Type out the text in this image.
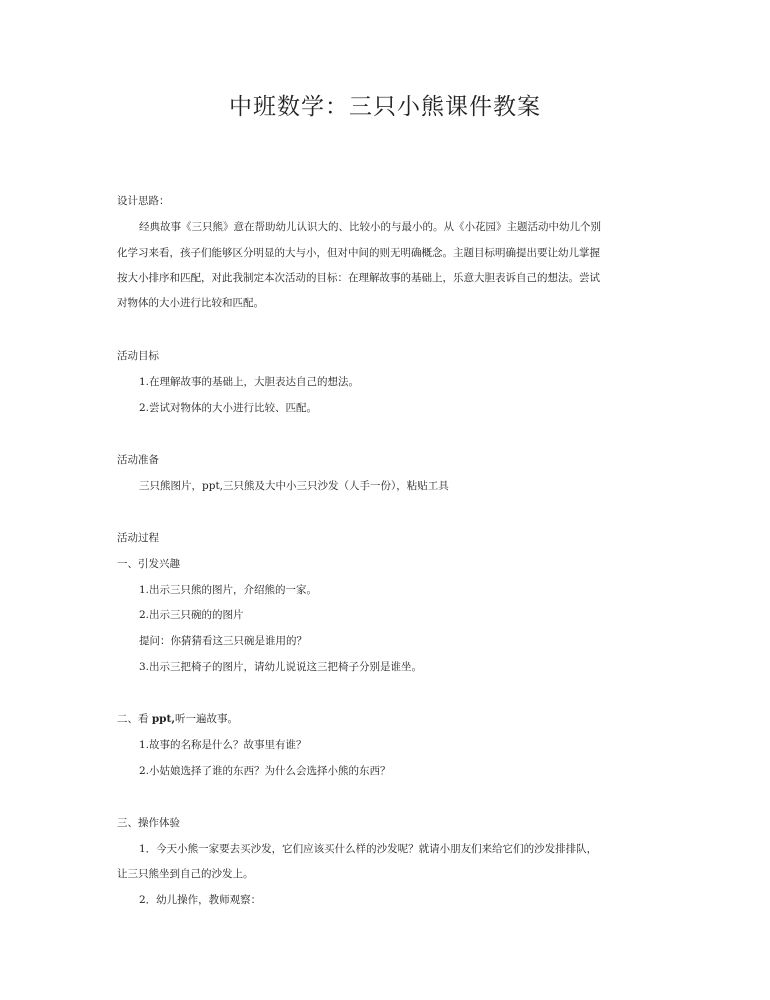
中班数学：三只小熊课件教案
设计思路：
经典故事《三只熊》意在帮助幼儿认识大的、比较小的与最小的。从《小花园》主题活动中幼儿个别
化学习来看，孩子们能够区分明显的大与小，但对中间的则无明确概念。主题目标明确提出要让幼儿掌握
按大小排序和匹配，对此我制定本次活动的目标：在理解故事的基础上，乐意大胆表诉自己的想法。尝试
对物体的大小进行比较和匹配。
活动目标
1.在理解故事的基础上，大胆表达自己的想法。
2.尝试对物体的大小进行比较、匹配。
活动准备
三只熊图片，ppt,三只熊及大中小三只沙发（人手一份），粘贴工具
活动过程
一、引发兴趣
1.出示三只熊的图片，介绍熊的一家。
2.出示三只碗的的图片
提问：你猜猜看这三只碗是谁用的？
3.出示三把椅子的图片，请幼儿说说这三把椅子分别是谁坐。
二、看 ppt,听一遍故事。
1.故事的名称是什么？故事里有谁？
2.小姑娘选择了谁的东西？为什么会选择小熊的东西？
三、操作体验
1．今天小熊一家要去买沙发，它们应该买什么样的沙发呢？就请小朋友们来给它们的沙发排排队，
让三只熊坐到自己的沙发上。
2．幼儿操作，教师观察：
